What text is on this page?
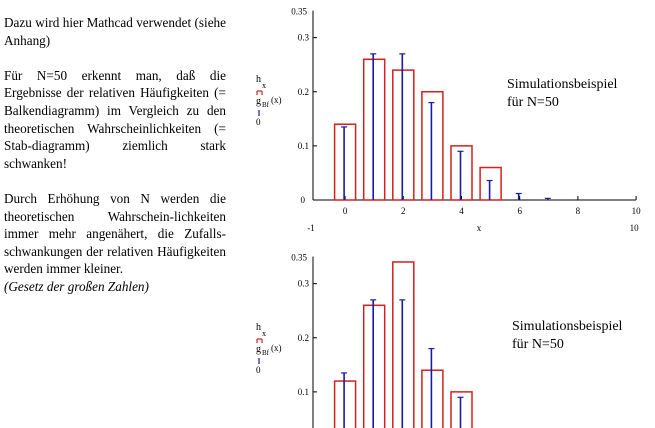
Dazu wird hier Mathcad verwendet (siehe Anhang)

Für N=50 erkennt man, daß die Ergebnisse der relativen Häufigkeiten (= Balkendiagramm) im Vergleich zu den theoretischen Wahrscheinlichkeiten (= Stab-diagramm) ziemlich stark schwanken!

Durch Erhöhung von N werden die theoretischen Wahrschein-lichkeiten immer mehr angenähert, die Zufalls-schwankungen der relativen Häufigkeiten werden immer kleiner.

(Gesetz der großen Zahlen)

0.35
0.3
0.2
0.1
0
h
x
g Bf (x)
0
0	2	4	6	8	10
-1	10
x
0.35
0.3
0.2
0.1
h
x
g Bf (x)
0
Simulationsbeispiel
für N=50
Simulationsbeispiel
für N=50
